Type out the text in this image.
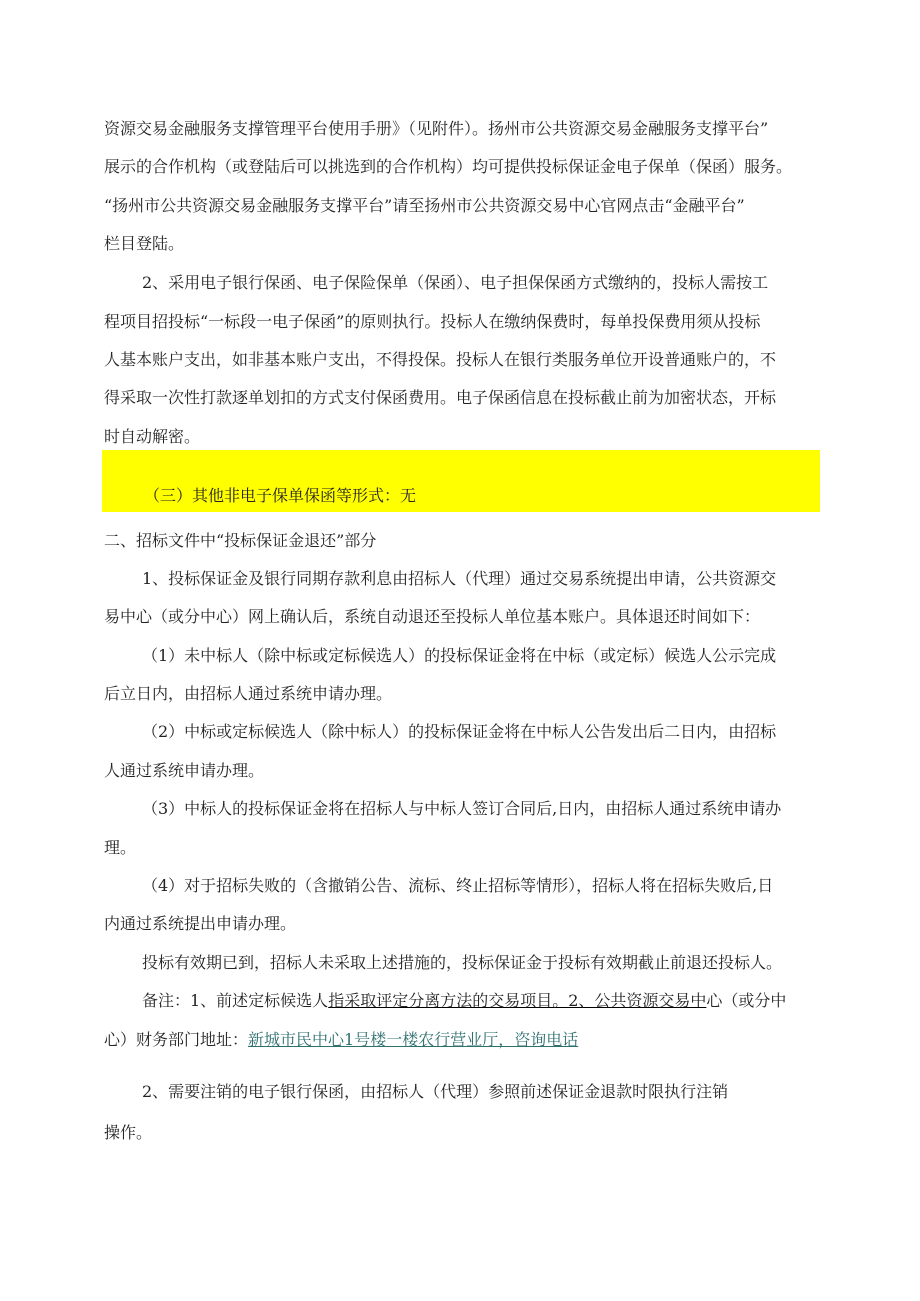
资源交易金融服务支撑管理平台使用手册》（见附件）。扬州市公共资源交易金融服务支撑平台”
展示的合作机构（或登陆后可以挑选到的合作机构）均可提供投标保证金电子保单（保函）服务。
“扬州市公共资源交易金融服务支撑平台”请至扬州市公共资源交易中心官网点击“金融平台”
栏目登陆。
2、采用电子银行保函、电子保险保单（保函）、电子担保保函方式缴纳的，投标人需按工
程项目招投标“一标段一电子保函”的原则执行。投标人在缴纳保费时，每单投保费用须从投标
人基本账户支出，如非基本账户支出，不得投保。投标人在银行类服务单位开设普通账户的，不
得采取一次性打款逐单划扣的方式支付保函费用。电子保函信息在投标截止前为加密状态，开标
时自动解密。
（三）其他非电子保单保函等形式：无
二、招标文件中“投标保证金退还”部分
1、投标保证金及银行同期存款利息由招标人（代理）通过交易系统提出申请，公共资源交
易中心（或分中心）网上确认后，系统自动退还至投标人单位基本账户。具体退还时间如下：
（1）未中标人（除中标或定标候选人）的投标保证金将在中标（或定标）候选人公示完成
后立日内，由招标人通过系统申请办理。
（2）中标或定标候选人（除中标人）的投标保证金将在中标人公告发出后二日内，由招标
人通过系统申请办理。
（3）中标人的投标保证金将在招标人与中标人签订合同后,日内，由招标人通过系统申请办
理。
（4）对于招标失败的（含撤销公告、流标、终止招标等情形），招标人将在招标失败后,日
内通过系统提出申请办理。
投标有效期已到，招标人未采取上述措施的，投标保证金于投标有效期截止前退还投标人。
备注：1、前述定标候选人指采取评定分离方法的交易项目。2、公共资源交易中心（或分中
心）财务部门地址：新城市民中心1号楼一楼农行营业厅，咨询电话
2、需要注销的电子银行保函，由招标人（代理）参照前述保证金退款时限执行注销
操作。
